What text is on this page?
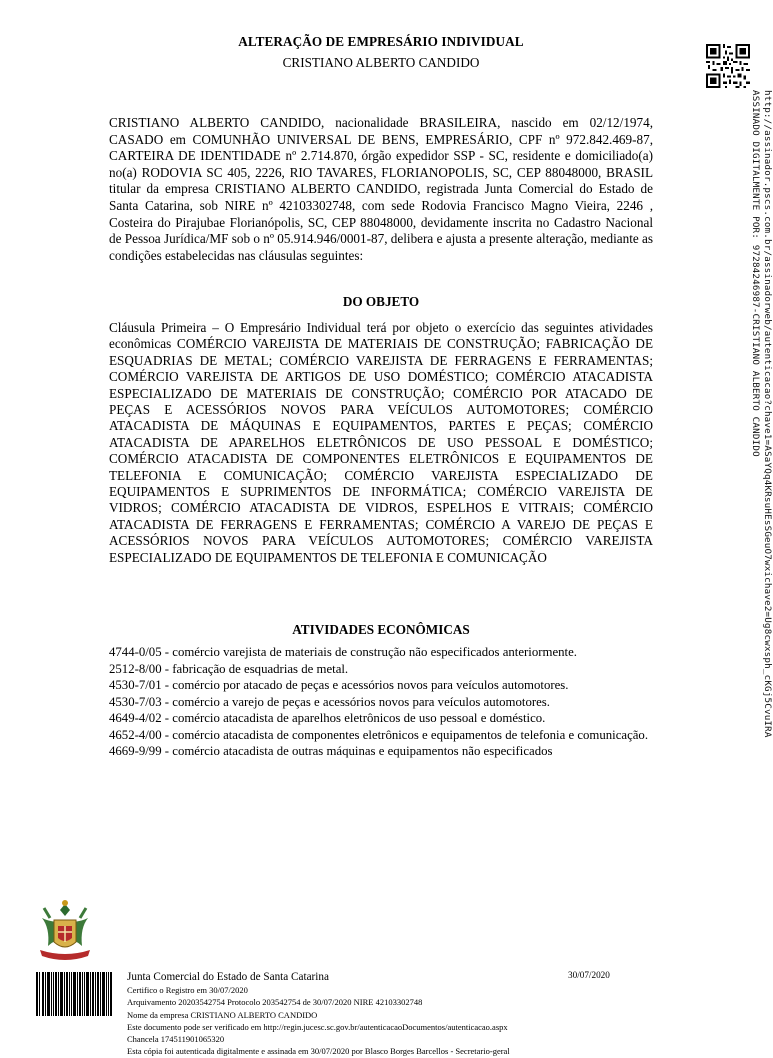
ALTERAÇÃO DE EMPRESÁRIO INDIVIDUAL
CRISTIANO ALBERTO CANDIDO
CRISTIANO ALBERTO CANDIDO, nacionalidade BRASILEIRA, nascido em 02/12/1974, CASADO em COMUNHÃO UNIVERSAL DE BENS, EMPRESÁRIO, CPF nº 972.842.469-87, CARTEIRA DE IDENTIDADE nº 2.714.870, órgão expedidor SSP - SC, residente e domiciliado(a) no(a) RODOVIA SC 405, 2226, RIO TAVARES, FLORIANOPOLIS, SC, CEP 88048000, BRASIL titular da empresa CRISTIANO ALBERTO CANDIDO, registrada Junta Comercial do Estado de Santa Catarina, sob NIRE nº 42103302748, com sede Rodovia Francisco Magno Vieira, 2246 , Costeira do Pirajubae Florianópolis, SC, CEP 88048000, devidamente inscrita no Cadastro Nacional de Pessoa Jurídica/MF sob o nº 05.914.946/0001-87, delibera e ajusta a presente alteração, mediante as condições estabelecidas nas cláusulas seguintes:
DO OBJETO
Cláusula Primeira – O Empresário Individual terá por objeto o exercício das seguintes atividades econômicas COMÉRCIO VAREJISTA DE MATERIAIS DE CONSTRUÇÃO; FABRICAÇÃO DE ESQUADRIAS DE METAL; COMÉRCIO VAREJISTA DE FERRAGENS E FERRAMENTAS; COMÉRCIO VAREJISTA DE ARTIGOS DE USO DOMÉSTICO; COMÉRCIO ATACADISTA ESPECIALIZADO DE MATERIAIS DE CONSTRUÇÃO; COMÉRCIO POR ATACADO DE PEÇAS E ACESSÓRIOS NOVOS PARA VEÍCULOS AUTOMOTORES; COMÉRCIO ATACADISTA DE MÁQUINAS E EQUIPAMENTOS, PARTES E PEÇAS; COMÉRCIO ATACADISTA DE APARELHOS ELETRÔNICOS DE USO PESSOAL E DOMÉSTICO; COMÉRCIO ATACADISTA DE COMPONENTES ELETRÔNICOS E EQUIPAMENTOS DE TELEFONIA E COMUNICAÇÃO; COMÉRCIO VAREJISTA ESPECIALIZADO DE EQUIPAMENTOS E SUPRIMENTOS DE INFORMÁTICA; COMÉRCIO VAREJISTA DE VIDROS; COMÉRCIO ATACADISTA DE VIDROS, ESPELHOS E VITRAIS; COMÉRCIO ATACADISTA DE FERRAGENS E FERRAMENTAS; COMÉRCIO A VAREJO DE PEÇAS E ACESSÓRIOS NOVOS PARA VEÍCULOS AUTOMOTORES; COMÉRCIO VAREJISTA ESPECIALIZADO DE EQUIPAMENTOS DE TELEFONIA E COMUNICAÇÃO
ATIVIDADES ECONÔMICAS
4744-0/05 - comércio varejista de materiais de construção não especificados anteriormente.
2512-8/00 - fabricação de esquadrias de metal.
4530-7/01 - comércio por atacado de peças e acessórios novos para veículos automotores.
4530-7/03 - comércio a varejo de peças e acessórios novos para veículos automotores.
4649-4/02 - comércio atacadista de aparelhos eletrônicos de uso pessoal e doméstico.
4652-4/00 - comércio atacadista de componentes eletrônicos e equipamentos de telefonia e comunicação.
4669-9/99 - comércio atacadista de outras máquinas e equipamentos não especificados
http://assinador.pscs.com.br/assinadorweb/autenticacao?chave1=ASaYQq4KRsuHEsSGeuO7wxichave2=Ug8cwxsph_cKGj5CvuIRA
ASSINADO DIGITALMENTE POR: 97284246987-CRISTIANO ALBERTO CANDIDO
Junta Comercial do Estado de Santa Catarina
Certifico o Registro em 30/07/2020
Arquivamento 20203542754 Protocolo 203542754 de 30/07/2020 NIRE 42103302748
Nome da empresa CRISTIANO ALBERTO CANDIDO
Este documento pode ser verificado em http://regin.jucesc.sc.gov.br/autenticacaoDocumentos/autenticacao.aspx
Chancela 174511901065320
Esta cópia foi autenticada digitalmente e assinada em 30/07/2020 por Blasco Borges Barcellos - Secretario-geral
30/07/2020
